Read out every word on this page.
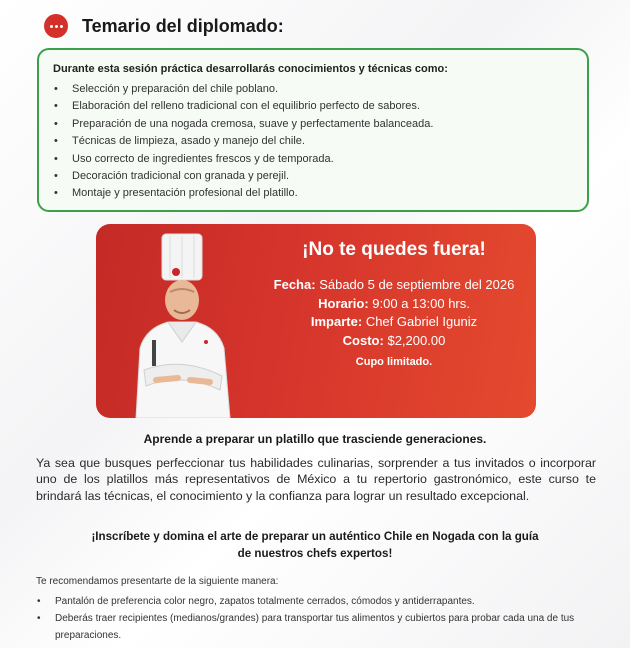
Temario del diplomado:

Durante esta sesión práctica desarrollarás conocimientos y técnicas como:

• Selección y preparación del chile poblano.
• Elaboración del relleno tradicional con el equilibrio perfecto de sabores.
• Preparación de una nogada cremosa, suave y perfectamente balanceada.
• Técnicas de limpieza, asado y manejo del chile.
• Uso correcto de ingredientes frescos y de temporada.
• Decoración tradicional con granada y perejil.
• Montaje y presentación profesional del platillo.
¡No te quedes fuera!
Fecha: Sábado 5 de septiembre del 2026
Horario: 9:00 a 13:00 hrs.
Imparte: Chef Gabriel Iguniz
Costo: $2,200.00
Cupo limitado.
Aprende a preparar un platillo que trasciende generaciones.
Ya sea que busques perfeccionar tus habilidades culinarias, sorprender a tus invitados o incorporar uno de los platillos más representativos de México a tu repertorio gastronómico, este curso te brindará las técnicas, el conocimiento y la confianza para lograr un resultado excepcional.
¡Inscríbete y domina el arte de preparar un auténtico Chile en Nogada con la guía
de nuestros chefs expertos!
Te recomendamos presentarte de la siguiente manera:
• Pantalón de preferencia color negro, zapatos totalmente cerrados, cómodos y antiderrapantes.
• Deberás traer recipientes (medianos/grandes) para transportar tus alimentos y cubiertos para probar cada una de tus preparaciones.
